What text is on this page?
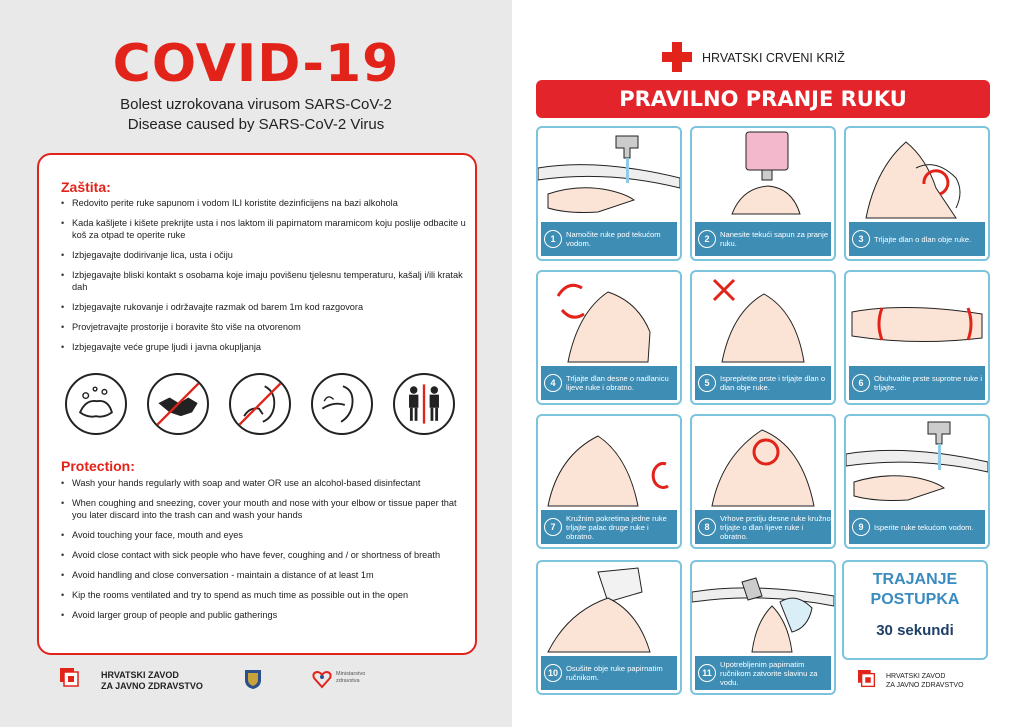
COVID-19
Bolest uzrokovana virusom SARS-CoV-2
Disease caused by SARS-CoV-2 Virus
Zaštita:
• Redovito perite ruke sapunom i vodom ILI koristite dezinficijens na bazi alkohola
• Kada kašljete i kišete prekrijte usta i nos laktom ili papirnatom maramicom koju poslije odbacite u koš za otpad te operite ruke
• Izbjegavajte dodirivanje lica, usta i očiju
• Izbjegavajte bliski kontakt s osobama koje imaju povišenu tjelesnu temperaturu, kašalj i/ili kratak dah
• Izbjegavajte rukovanje i održavajte razmak od barem 1m kod razgovora
• Provjetravajte prostorije i boravite što više na otvorenom
• Izbjegavajte veće grupe ljudi i javna okupljanja
Protection:
• Wash your hands regularly with soap and water OR use an alcohol-based disinfectant
• When coughing and sneezing, cover your mouth and nose with your elbow or tissue paper that you later discard into the trash can and wash your hands
• Avoid touching your face, mouth and eyes
• Avoid close contact with sick people who have fever, coughing and / or shortness of breath
• Avoid handling and close conversation - maintain a distance of at least 1m
• Kip the rooms ventilated and try to spend as much time as possible out in the open
• Avoid larger group of people and public gatherings
HRVATSKI ZAVOD
ZA JAVNO ZDRAVSTVO
Ministarstvo
zdravstva
HRVATSKI CRVENI KRIŽ
PRAVILNO PRANJE RUKU
1	Namočite ruke pod tekućom vodom.	2	Nanesite tekući sapun za pranje ruku.	3	Trljajte dlan o dlan obje ruke.
4	Trljajte dlan desne o nadlanicu lijeve ruke i obratno.	5	Isprepletite prste i trljajte dlan o dlan obje ruke.	6	Obuhvatite prste suprotne ruke i trljajte.
7
Kružnim pokretima jedne ruke trljajte palac druge ruke i obratno.
8
Vrhove prstiju desne ruke kružno trljajte o dlan lijeve ruke i obratno.
9	Isperite ruke tekućom vodom.
10	Osušite obje ruke papirnatim ručnikom.	11
Upotrebljenim papirnatim ručnikom zatvorite slavinu za vodu.
TRAJANJE
POSTUPKA
30 sekundi
HRVATSKI ZAVOD
ZA JAVNO ZDRAVSTVO
